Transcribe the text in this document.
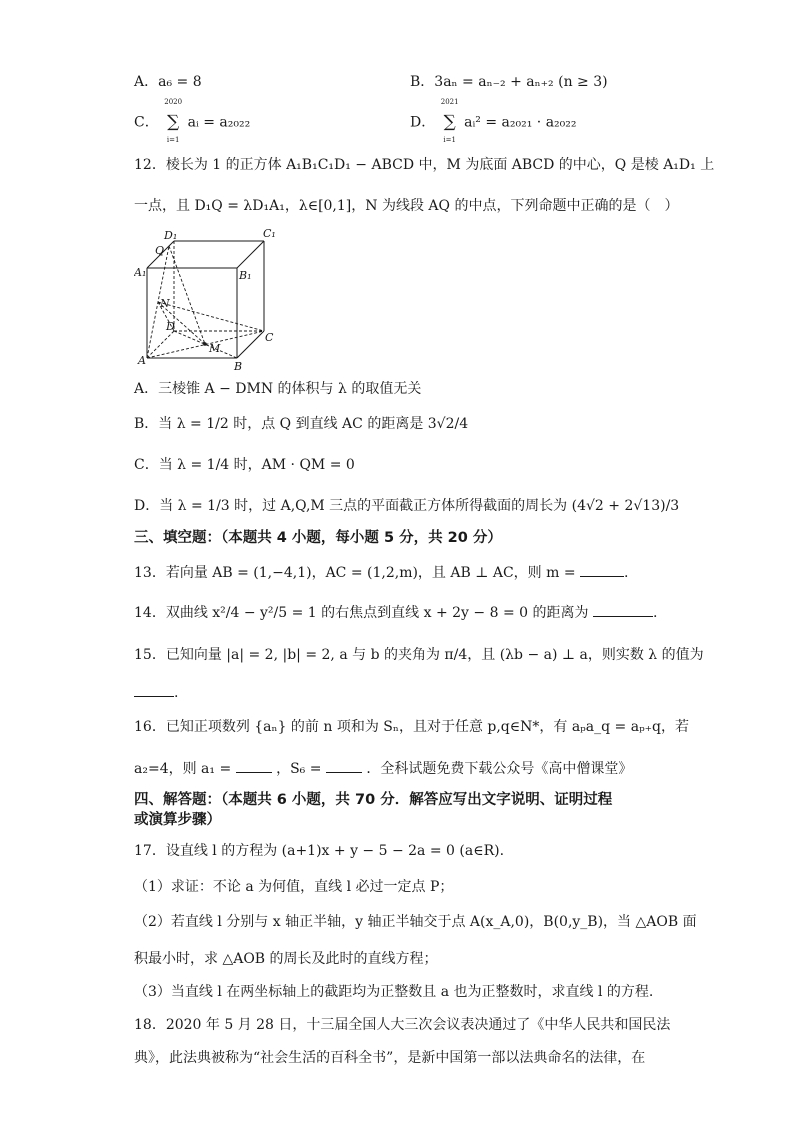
A．a₆ = 8	B．3aₙ = aₙ₋₂ + aₙ₊₂ (n ≥ 3)
C．
2020
∑
i=1
aᵢ = a₂₀₂₂	D．
2021
∑
i=1
aᵢ² = a₂₀₂₁ · a₂₀₂₂
12．棱长为 1 的正方体 A₁B₁C₁D₁ − ABCD 中，M 为底面 ABCD 的中心，Q 是棱 A₁D₁ 上
一点，且 D₁Q = λD₁A₁，λ∈[0,1]，N 为线段 AQ 的中点，下列命题中正确的是（　）
D₁	C₁
Q
A₁	B₁
N
D
C
M
A	B
A．三棱锥 A − DMN 的体积与 λ 的取值无关
B．当 λ = 1/2 时，点 Q 到直线 AC 的距离是 3√2/4
C．当 λ = 1/4 时，AM · QM = 0
D．当 λ = 1/3 时，过 A,Q,M 三点的平面截正方体所得截面的周长为 (4√2 + 2√13)/3
三、填空题：（本题共 4 小题，每小题 5 分，共 20 分）
13．若向量 AB = (1,−4,1)，AC = (1,2,m)，且 AB ⊥ AC，则 m =	.
14．双曲线 x²/4 − y²/5 = 1 的右焦点到直线 x + 2y − 8 = 0 的距离为	.
15．已知向量 |a| = 2, |b| = 2, a 与 b 的夹角为 π/4，且 (λb − a) ⊥ a，则实数 λ 的值为
.
16．已知正项数列 {aₙ} 的前 n 项和为 Sₙ，且对于任意 p,q∈N*，有 aₚa_q = aₚ₊q，若
a₂=4，则 a₁ =	，S₆ =	．全科试题免费下载公众号《高中僧课堂》
四、解答题：（本题共 6 小题，共 70 分．解答应写出文字说明、证明过程
或演算步骤）
17．设直线 l 的方程为 (a+1)x + y − 5 − 2a = 0 (a∈R).
（1）求证：不论 a 为何值，直线 l 必过一定点 P；
（2）若直线 l 分别与 x 轴正半轴，y 轴正半轴交于点 A(x_A,0)，B(0,y_B)，当 △AOB 面
积最小时，求 △AOB 的周长及此时的直线方程；
（3）当直线 l 在两坐标轴上的截距均为正整数且 a 也为正整数时，求直线 l 的方程.
18．2020 年 5 月 28 日，十三届全国人大三次会议表决通过了《中华人民共和国民法
典》，此法典被称为“社会生活的百科全书”，是新中国第一部以法典命名的法律，在
